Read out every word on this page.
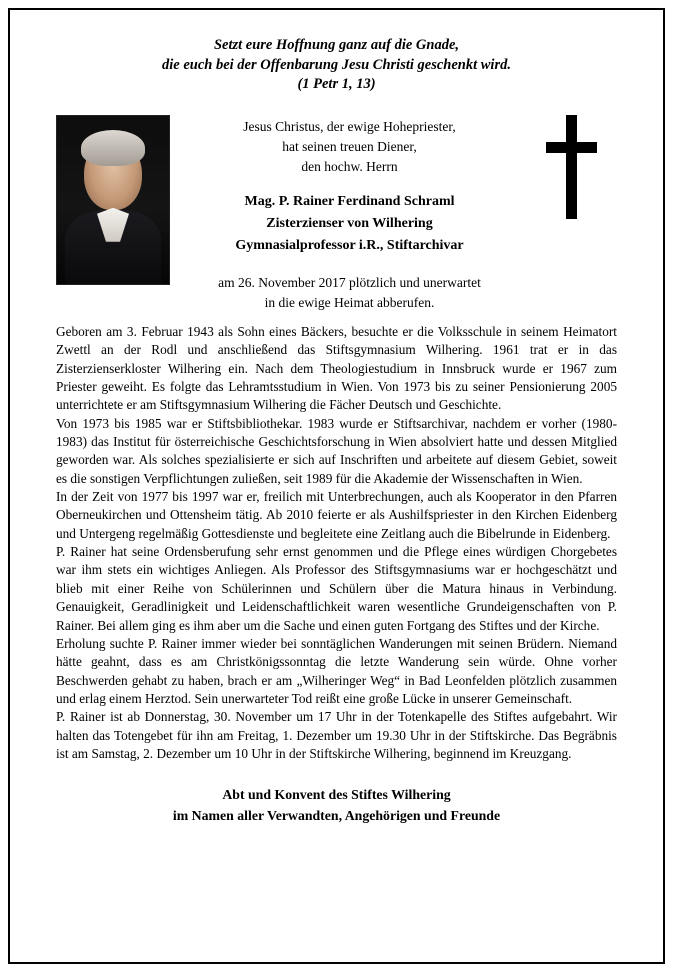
Setzt eure Hoffnung ganz auf die Gnade,
die euch bei der Offenbarung Jesu Christi geschenkt wird.
(1 Petr 1, 13)
Jesus Christus, der ewige Hohepriester,
hat seinen treuen Diener,
den hochw. Herrn
Mag. P. Rainer Ferdinand Schraml
Zisterzienser von Wilhering
Gymnasialprofessor i.R., Stiftarchivar
am 26. November 2017 plötzlich und unerwartet
in die ewige Heimat abberufen.

Geboren am 3. Februar 1943 als Sohn eines Bäckers, besuchte er die Volksschule in seinem Heimatort Zwettl an der Rodl und anschließend das Stiftsgymnasium Wilhering. 1961 trat er in das Zisterzienserkloster Wilhering ein. Nach dem Theologiestudium in Innsbruck wurde er 1967 zum Priester geweiht. Es folgte das Lehramtsstudium in Wien. Von 1973 bis zu seiner Pensionierung 2005 unterrichtete er am Stiftsgymnasium Wilhering die Fächer Deutsch und Geschichte.

Von 1973 bis 1985 war er Stiftsbibliothekar. 1983 wurde er Stiftsarchivar, nachdem er vorher (1980-1983) das Institut für österreichische Geschichtsforschung in Wien absolviert hatte und dessen Mitglied geworden war. Als solches spezialisierte er sich auf Inschriften und arbeitete auf diesem Gebiet, soweit es die sonstigen Verpflichtungen zuließen, seit 1989 für die Akademie der Wissenschaften in Wien.

In der Zeit von 1977 bis 1997 war er, freilich mit Unterbrechungen, auch als Kooperator in den Pfarren Oberneukirchen und Ottensheim tätig. Ab 2010 feierte er als Aushilfspriester in den Kirchen Eidenberg und Untergeng regelmäßig Gottesdienste und begleitete eine Zeitlang auch die Bibelrunde in Eidenberg.

P. Rainer hat seine Ordensberufung sehr ernst genommen und die Pflege eines würdigen Chorgebetes war ihm stets ein wichtiges Anliegen. Als Professor des Stiftsgymnasiums war er hochgeschätzt und blieb mit einer Reihe von Schülerinnen und Schülern über die Matura hinaus in Verbindung. Genauigkeit, Geradlinigkeit und Leidenschaftlichkeit waren wesentliche Grundeigenschaften von P. Rainer. Bei allem ging es ihm aber um die Sache und einen guten Fortgang des Stiftes und der Kirche.

Erholung suchte P. Rainer immer wieder bei sonntäglichen Wanderungen mit seinen Brüdern. Niemand hätte geahnt, dass es am Christkönigssonntag die letzte Wanderung sein würde. Ohne vorher Beschwerden gehabt zu haben, brach er am „Wilheringer Weg“ in Bad Leonfelden plötzlich zusammen und erlag einem Herztod. Sein unerwarteter Tod reißt eine große Lücke in unserer Gemeinschaft.

P. Rainer ist ab Donnerstag, 30. November um 17 Uhr in der Totenkapelle des Stiftes aufgebahrt. Wir halten das Totengebet für ihn am Freitag, 1. Dezember um 19.30 Uhr in der Stiftskirche. Das Begräbnis ist am Samstag, 2. Dezember um 10 Uhr in der Stiftskirche Wilhering, beginnend im Kreuzgang.

Abt und Konvent des Stiftes Wilhering
im Namen aller Verwandten, Angehörigen und Freunde
